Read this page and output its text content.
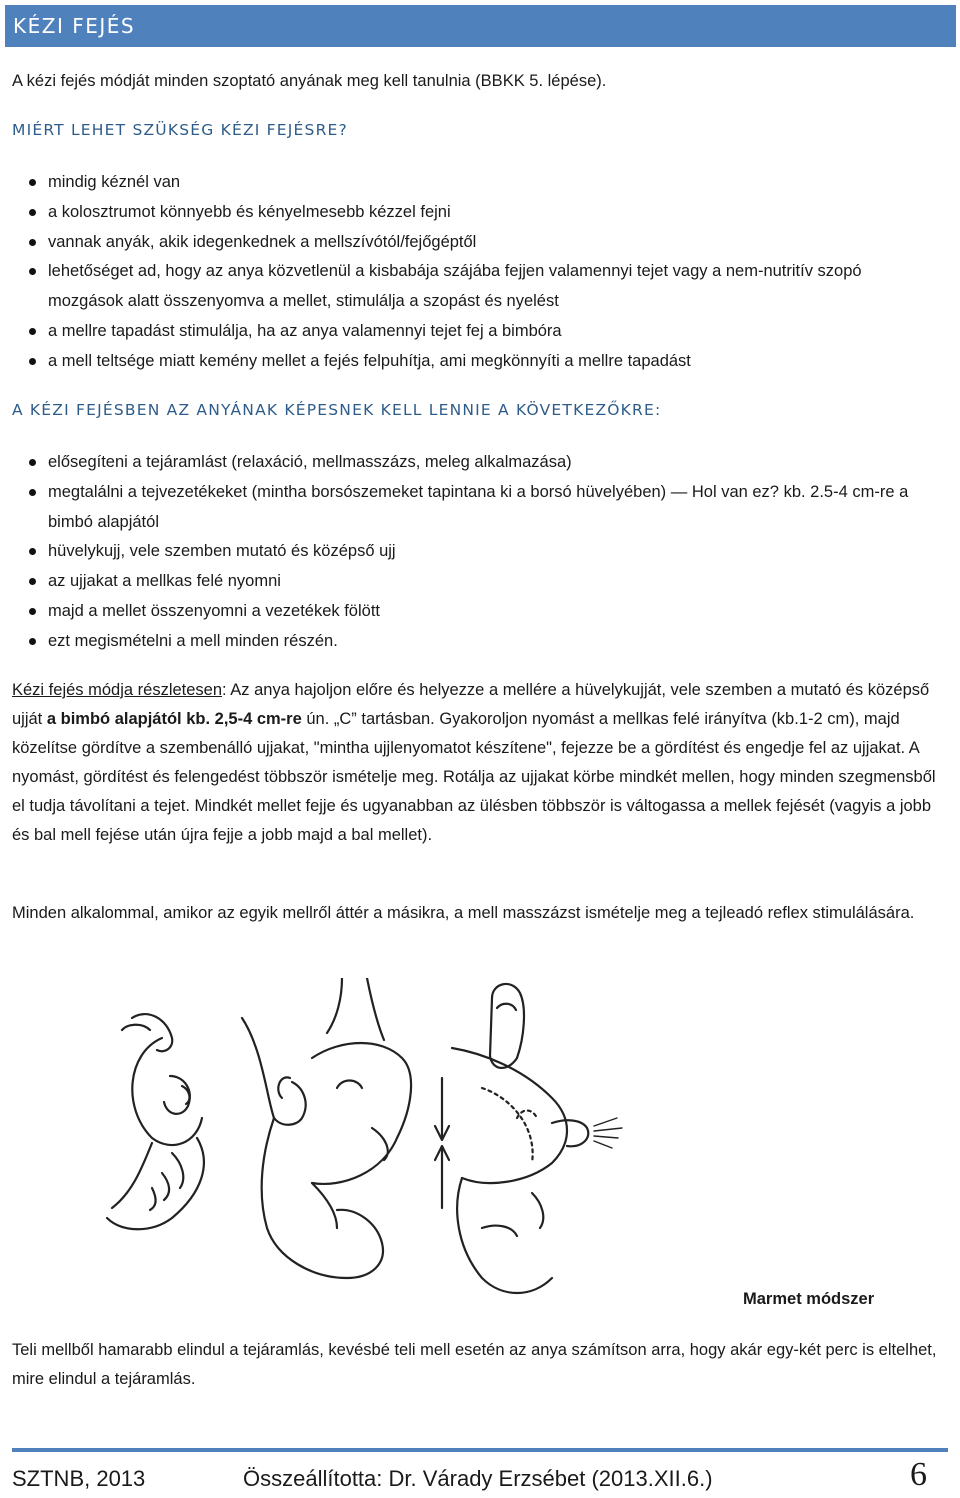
KÉZI FEJÉS
A kézi fejés módját minden szoptató anyának meg kell tanulnia (BBKK 5. lépése).
MIÉRT LEHET SZÜKSÉG KÉZI FEJÉSRE?
mindig kéznél van
a kolosztrumot könnyebb és kényelmesebb kézzel fejni
vannak anyák, akik idegenkednek a mellszívótól/fejőgéptől
lehetőséget ad, hogy az anya közvetlenül a kisbabája szájába fejjen valamennyi tejet vagy a nem-nutritív szopó mozgások alatt összenyomva a mellet, stimulálja a szopást és nyelést
a mellre tapadást stimulálja, ha az anya valamennyi tejet fej a bimbóra
a mell teltsége miatt kemény mellet a fejés felpuhítja, ami megkönnyíti a mellre tapadást
A KÉZI FEJÉSBEN AZ ANYÁNAK KÉPESNEK KELL LENNIE A KÖVETKEZŐKRE:
elősegíteni a tejáramlást (relaxáció, mellmasszázs, meleg alkalmazása)
megtalálni a tejvezetékeket (mintha borsószemeket tapintana ki a borsó hüvelyében) — Hol van ez? kb. 2.5-4 cm-re a bimbó alapjától
hüvelykujj, vele szemben mutató és középső ujj
az ujjakat a mellkas felé nyomni
majd a mellet összenyomni a vezetékek fölött
ezt megismételni a mell minden részén.
Kézi fejés módja részletesen: Az anya hajoljon előre és helyezze a mellére a hüvelykujját, vele szemben a mutató és középső ujját a bimbó alapjától kb. 2,5-4 cm-re ún. „C” tartásban. Gyakoroljon nyomást a mellkas felé irányítva (kb.1-2 cm), majd közelítse gördítve a szembenálló ujjakat, "mintha ujjlenyomatot készítene", fejezze be a gördítést és engedje fel az ujjakat. A nyomást, gördítést és felengedést többször ismételje meg. Rotálja az ujjakat körbe mindkét mellen, hogy minden szegmensből el tudja távolítani a tejet. Mindkét mellet fejje és ugyanabban az ülésben többször is váltogassa a mellek fejését (vagyis a jobb és bal mell fejése után újra fejje a jobb majd a bal mellet).
Minden alkalommal, amikor az egyik mellről áttér a másikra, a mell masszázst ismételje meg a tejleadó reflex stimulálására.
Marmet módszer
Teli mellből hamarabb elindul a tejáramlás, kevésbé teli mell esetén az anya számítson arra, hogy akár egy-két perc is eltelhet, mire elindul a tejáramlás.
SZTNB, 2013	Összeállította: Dr. Várady Erzsébet (2013.XII.6.)	6
